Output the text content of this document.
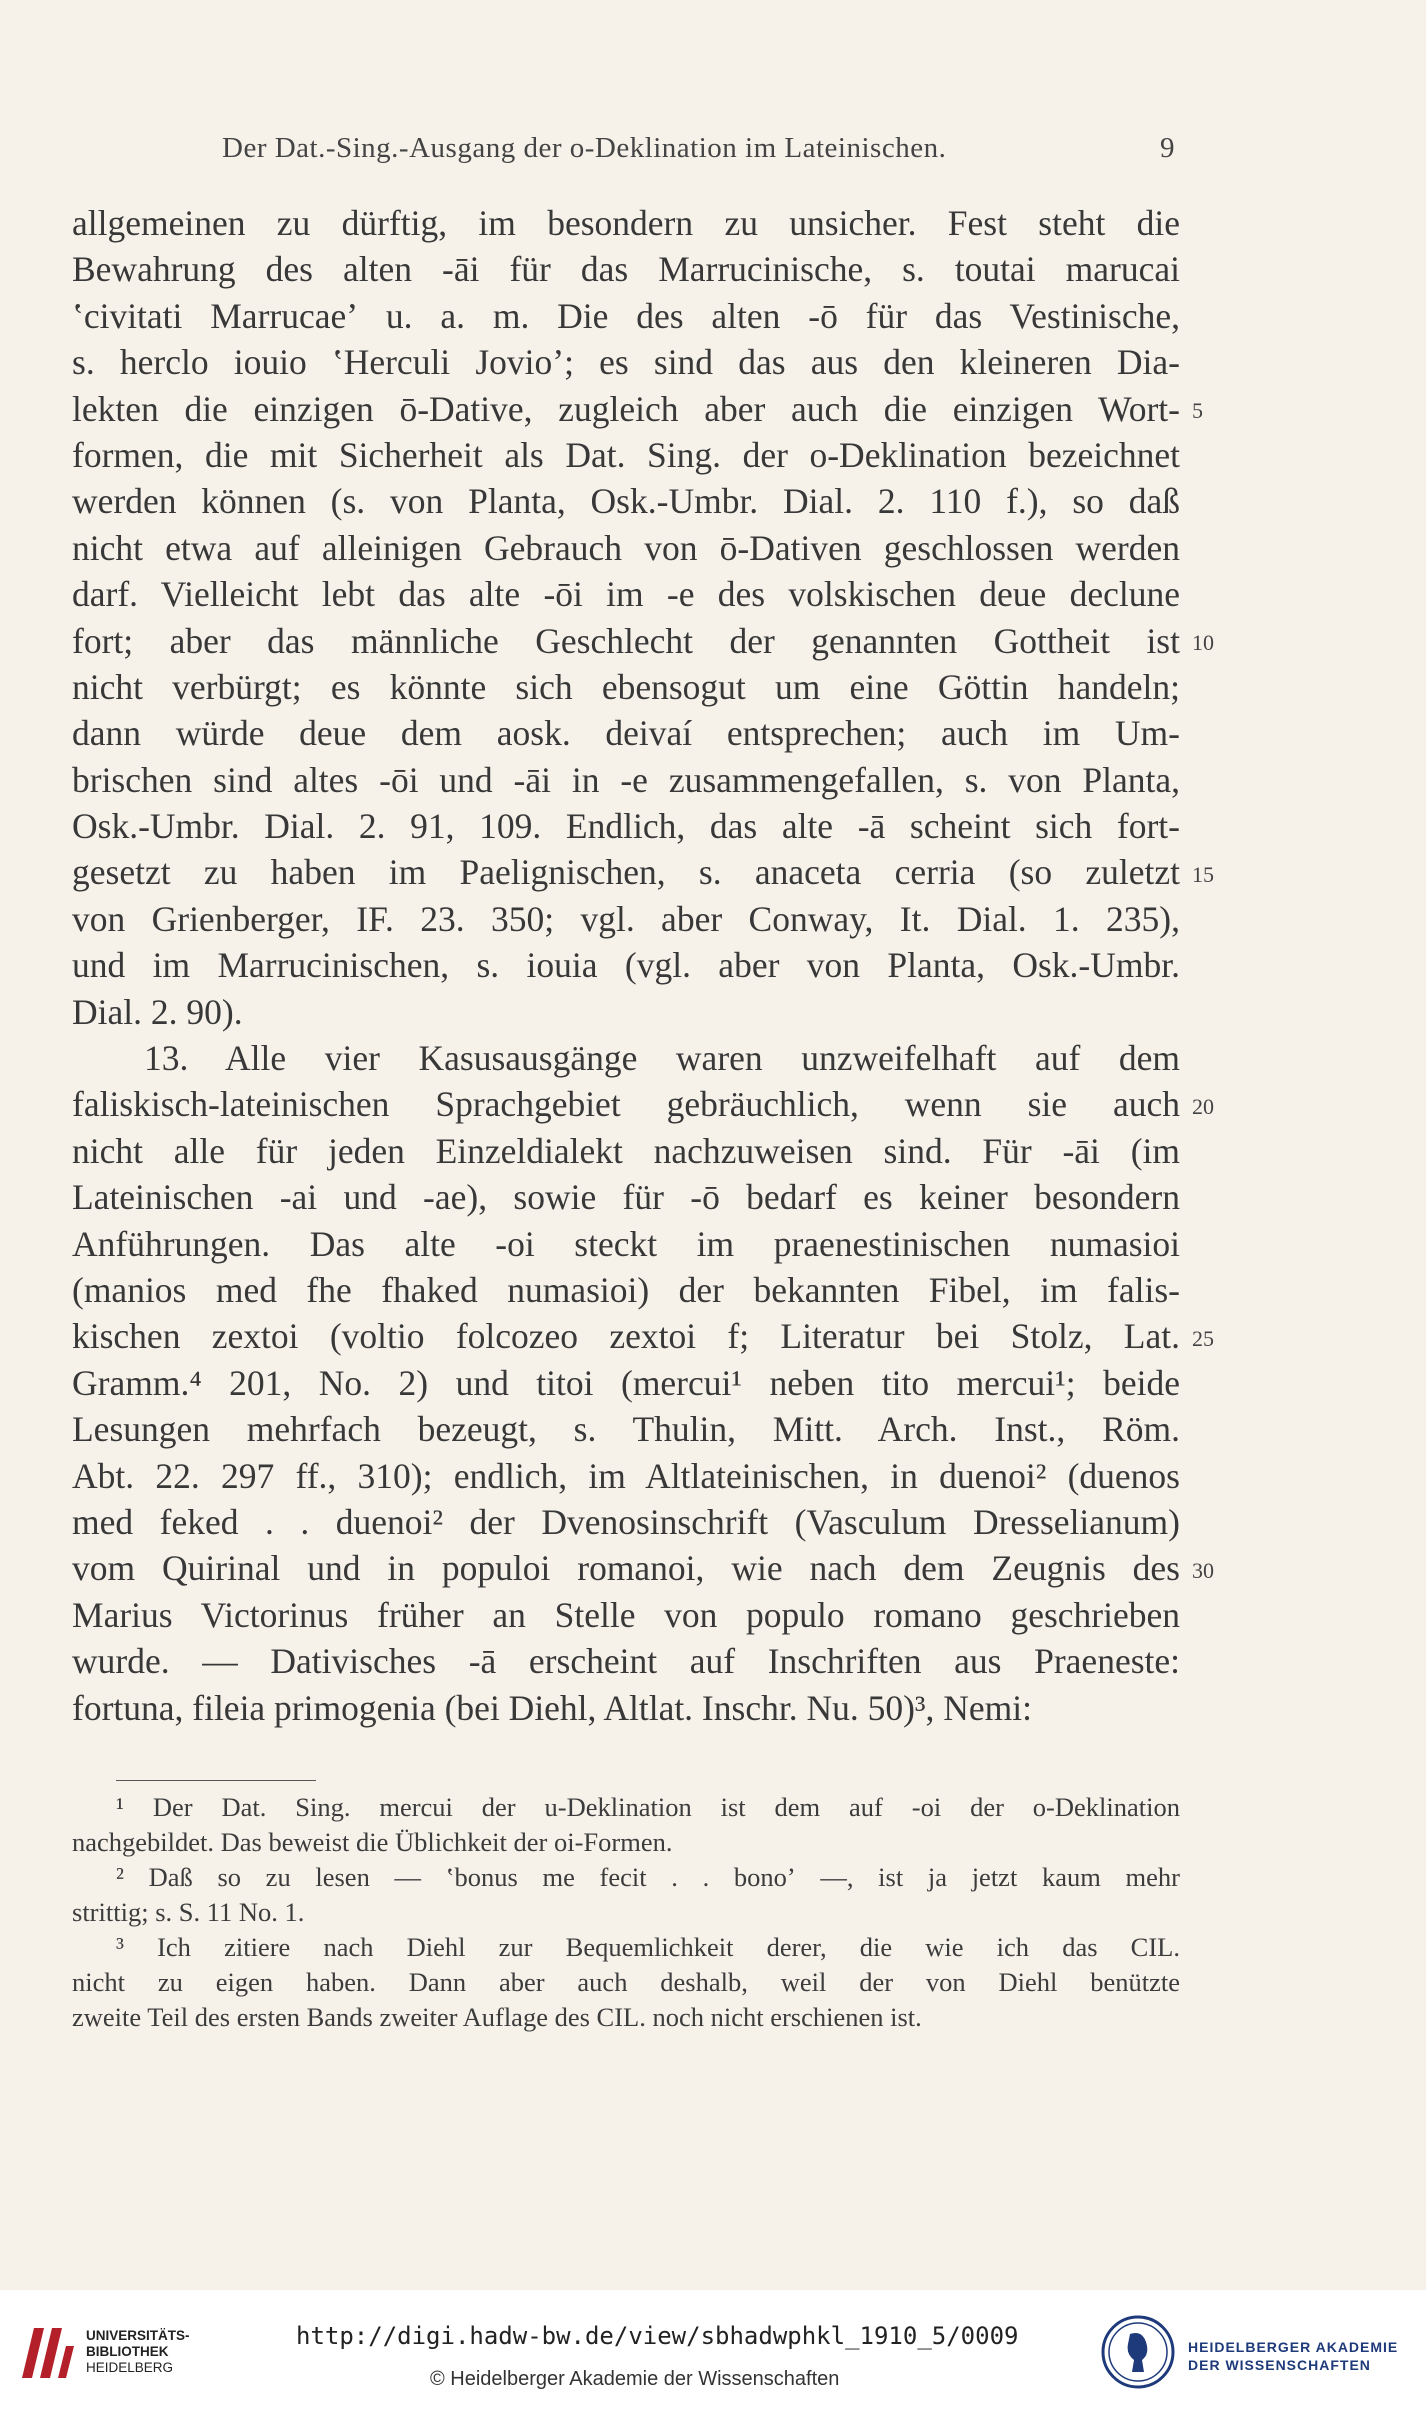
Der Dat.-Sing.-Ausgang der o-Deklination im Lateinischen.	9
allgemeinen zu dürftig, im besondern zu unsicher. Fest steht die
Bewahrung des alten -āi für das Marrucinische, s. toutai marucai
ʽcivitati Marrucaeʼ u. a. m. Die des alten -ō für das Vestinische,
s. herclo iouio ʽHerculi Jovioʼ; es sind das aus den kleineren Dia-
lekten die einzigen ō-Dative, zugleich aber auch die einzigen Wort-
formen, die mit Sicherheit als Dat. Sing. der o-Deklination bezeichnet
werden können (s. von Planta, Osk.-Umbr. Dial. 2. 110 f.), so daß
nicht etwa auf alleinigen Gebrauch von ō-Dativen geschlossen werden
darf. Vielleicht lebt das alte -ōi im -e des volskischen deue declune
fort; aber das männliche Geschlecht der genannten Gottheit ist
nicht verbürgt; es könnte sich ebensogut um eine Göttin handeln;
dann würde deue dem aosk. deivaí entsprechen; auch im Um-
brischen sind altes -ōi und -āi in -e zusammengefallen, s. von Planta,
Osk.-Umbr. Dial. 2. 91, 109. Endlich, das alte -ā scheint sich fort-
gesetzt zu haben im Paelignischen, s. anaceta cerria (so zuletzt
von Grienberger, IF. 23. 350; vgl. aber Conway, It. Dial. 1. 235),
und im Marrucinischen, s. iouia (vgl. aber von Planta, Osk.-Umbr.
Dial. 2. 90).
13. Alle vier Kasusausgänge waren unzweifelhaft auf dem
faliskisch-lateinischen Sprachgebiet gebräuchlich, wenn sie auch
nicht alle für jeden Einzeldialekt nachzuweisen sind. Für -āi (im
Lateinischen -ai und -ae), sowie für -ō bedarf es keiner besondern
Anführungen. Das alte -oi steckt im praenestinischen numasioi
(manios med fhe fhaked numasioi) der bekannten Fibel, im falis-
kischen zextoi (voltio folcozeo zextoi f; Literatur bei Stolz, Lat.
Gramm.⁴ 201, No. 2) und titoi (mercui¹ neben tito mercui¹; beide
Lesungen mehrfach bezeugt, s. Thulin, Mitt. Arch. Inst., Röm.
Abt. 22. 297 ff., 310); endlich, im Altlateinischen, in duenoi² (duenos
med feked . . duenoi² der Dvenosinschrift (Vasculum Dresselianum)
vom Quirinal und in populoi romanoi, wie nach dem Zeugnis des
Marius Victorinus früher an Stelle von populo romano geschrieben
wurde. — Dativisches -ā erscheint auf Inschriften aus Praeneste:
fortuna, fileia primogenia (bei Diehl, Altlat. Inschr. Nu. 50)³, Nemi:
5
10
15
20
25
30
¹ Der Dat. Sing. mercui der u-Deklination ist dem auf -oi der o-Deklination
nachgebildet. Das beweist die Üblichkeit der oi-Formen.
² Daß so zu lesen — ʽbonus me fecit . . bonoʼ —, ist ja jetzt kaum mehr
strittig; s. S. 11 No. 1.
³ Ich zitiere nach Diehl zur Bequemlichkeit derer, die wie ich das CIL.
nicht zu eigen haben. Dann aber auch deshalb, weil der von Diehl benützte
zweite Teil des ersten Bands zweiter Auflage des CIL. noch nicht erschienen ist.
UNIVERSITÄTS-
BIBLIOTHEK
HEIDELBERG
http://digi.hadw-bw.de/view/sbhadwphkl_1910_5/0009
© Heidelberger Akademie der Wissenschaften
HEIDELBERGER AKADEMIE
DER WISSENSCHAFTEN
